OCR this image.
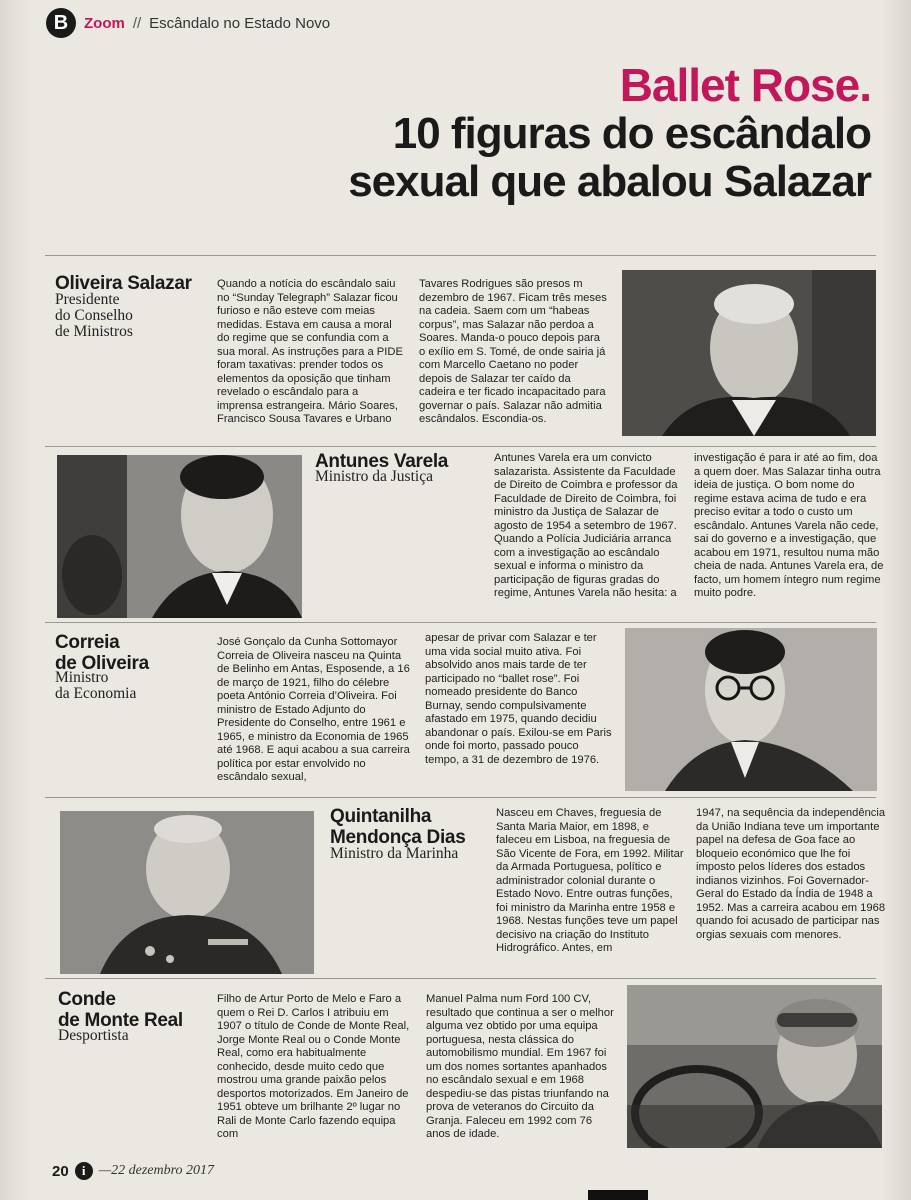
B	Zoom // Escândalo no Estado Novo
Ballet Rose.
10 figuras do escândalo
sexual que abalou Salazar
Oliveira Salazar
Presidente
do Conselho
de Ministros
Quando a notícia do escândalo saiu no “Sunday Telegraph” Salazar ficou furioso e não esteve com meias medidas. Estava em causa a moral do regime que se confundia com a sua moral. As instruções para a PIDE foram taxativas: prender todos os elementos da oposição que tinham revelado o escândalo para a imprensa estrangeira. Mário Soares, Francisco Sousa Tavares e Urbano
Tavares Rodrigues são presos m dezembro de 1967. Ficam três meses na cadeia. Saem com um “habeas corpus”, mas Salazar não perdoa a Soares. Manda-o pouco depois para o exílio em S. Tomé, de onde sairia já com Marcello Caetano no poder depois de Salazar ter caído da cadeira e ter ficado incapacitado para governar o país. Salazar não admitia escândalos. Escondia-os.
Antunes Varela
Ministro da Justiça
Antunes Varela era um convicto salazarista. Assistente da Faculdade de Direito de Coimbra e professor da Faculdade de Direito de Coimbra, foi ministro da Justiça de Salazar de agosto de 1954 a setembro de 1967. Quando a Polícia Judiciária arranca com a investigação ao escândalo sexual e informa o ministro da participação de figuras gradas do regime, Antunes Varela não hesita: a
investigação é para ir até ao fim, doa a quem doer. Mas Salazar tinha outra ideia de justiça. O bom nome do regime estava acima de tudo e era preciso evitar a todo o custo um escândalo. Antunes Varela não cede, sai do governo e a investigação, que acabou em 1971, resultou numa mão cheia de nada. Antunes Varela era, de facto, um homem íntegro num regime muito podre.
Correia
de Oliveira
Ministro
da Economia
José Gonçalo da Cunha Sottomayor Correia de Oliveira nasceu na Quinta de Belinho em Antas, Esposende, a 16 de março de 1921, filho do célebre poeta António Correia d’Oliveira. Foi ministro de Estado Adjunto do Presidente do Conselho, entre 1961 e 1965, e ministro da Economia de 1965 até 1968. E aqui acabou a sua carreira política por estar envolvido no escândalo sexual,
apesar de privar com Salazar e ter uma vida social muito ativa. Foi absolvido anos mais tarde de ter participado no “ballet rose”. Foi nomeado presidente do Banco Burnay, sendo compulsivamente afastado em 1975, quando decidiu abandonar o país. Exilou-se em Paris onde foi morto, passado pouco tempo, a 31 de dezembro de 1976.
Quintanilha
Mendonça Dias
Ministro da Marinha
Nasceu em Chaves, freguesia de Santa Maria Maior, em 1898, e faleceu em Lisboa, na freguesia de São Vicente de Fora, em 1992. Militar da Armada Portuguesa, político e administrador colonial durante o Estado Novo. Entre outras funções, foi ministro da Marinha entre 1958 e 1968. Nestas funções teve um papel decisivo na criação do Instituto Hidrográfico. Antes, em
1947, na sequência da independência da União Indiana teve um importante papel na defesa de Goa face ao bloqueio económico que lhe foi imposto pelos líderes dos estados indianos vizinhos. Foi Governador-Geral do Estado da Índia de 1948 a 1952. Mas a carreira acabou em 1968 quando foi acusado de participar nas orgias sexuais com menores.
Conde
de Monte Real
Desportista
Filho de Artur Porto de Melo e Faro a quem o Rei D. Carlos I atribuiu em 1907 o título de Conde de Monte Real, Jorge Monte Real ou o Conde Monte Real, como era habitualmente conhecido, desde muito cedo que mostrou uma grande paixão pelos desportos motorizados. Em Janeiro de 1951 obteve um brilhante 2º lugar no Rali de Monte Carlo fazendo equipa com
Manuel Palma num Ford 100 CV, resultado que continua a ser o melhor alguma vez obtido por uma equipa portuguesa, nesta clássica do automobilismo mundial. Em 1967 foi um dos nomes sortantes apanhados no escândalo sexual e em 1968 despediu-se das pistas triunfando na prova de veteranos do Circuito da Granja. Faleceu em 1992 com 76 anos de idade.
20	i —22 dezembro 2017
